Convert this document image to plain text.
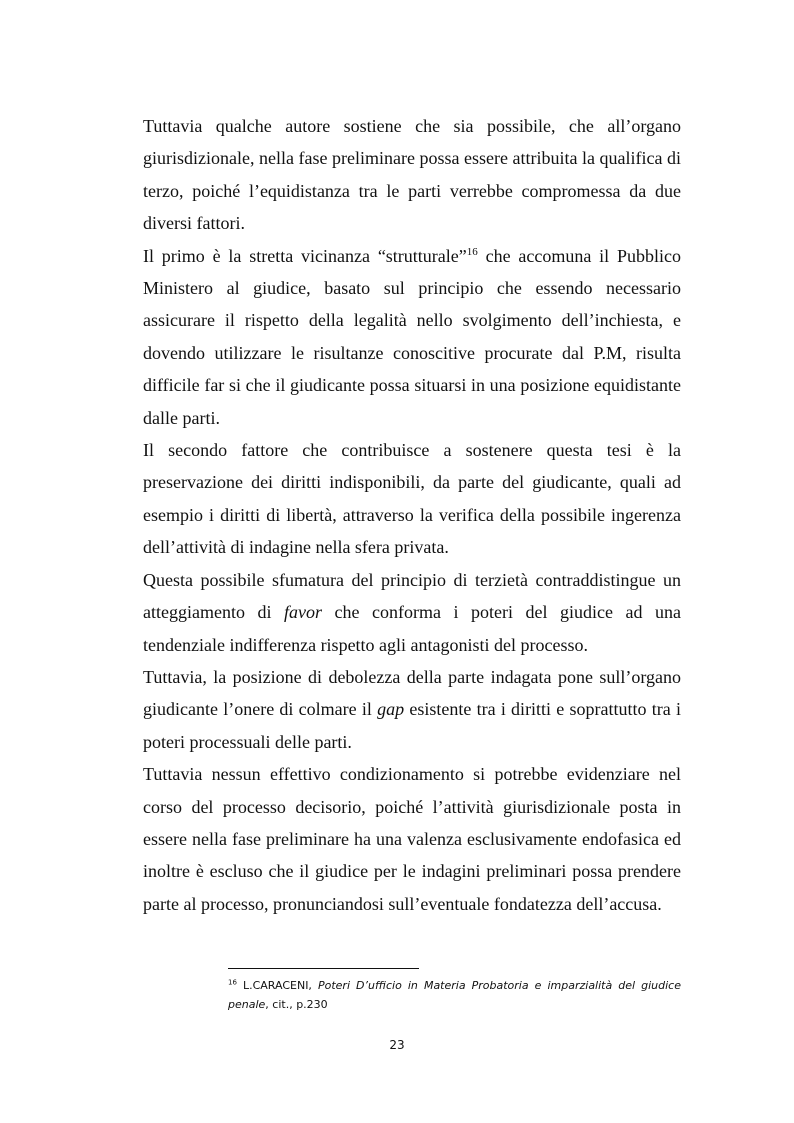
Tuttavia qualche autore sostiene che sia possibile, che all’organo giurisdizionale, nella fase preliminare possa essere attribuita la qualifica di terzo, poiché l’equidistanza tra le parti verrebbe compromessa da due diversi fattori.

Il primo è la stretta vicinanza “strutturale”$^{16}$ che accomuna il Pubblico Ministero al giudice, basato sul principio che essendo necessario assicurare il rispetto della legalità nello svolgimento dell’inchiesta, e dovendo utilizzare le risultanze conoscitive procurate dal P.M, risulta difficile far si che il giudicante possa situarsi in una posizione equidistante dalle parti.

Il secondo fattore che contribuisce a sostenere questa tesi è la preservazione dei diritti indisponibili, da parte del giudicante, quali ad esempio i diritti di libertà, attraverso la verifica della possibile ingerenza dell’attività di indagine nella sfera privata.

Questa possibile sfumatura del principio di terzietà contraddistingue un atteggiamento di favor che conforma i poteri del giudice ad una tendenziale indifferenza rispetto agli antagonisti del processo.

Tuttavia, la posizione di debolezza della parte indagata pone sull’organo giudicante l’onere di colmare il gap esistente tra i diritti e soprattutto tra i poteri processuali delle parti.

Tuttavia nessun effettivo condizionamento si potrebbe evidenziare nel corso del processo decisorio, poiché l’attività giurisdizionale posta in essere nella fase preliminare ha una valenza esclusivamente endofasica ed inoltre è escluso che il giudice per le indagini preliminari possa prendere parte al processo, pronunciandosi sull’eventuale fondatezza dell’accusa.

$^{16}$ L.CARACENI, Poteri D’ufficio in Materia Probatoria e imparzialità del giudice penale, cit., p.230
23
